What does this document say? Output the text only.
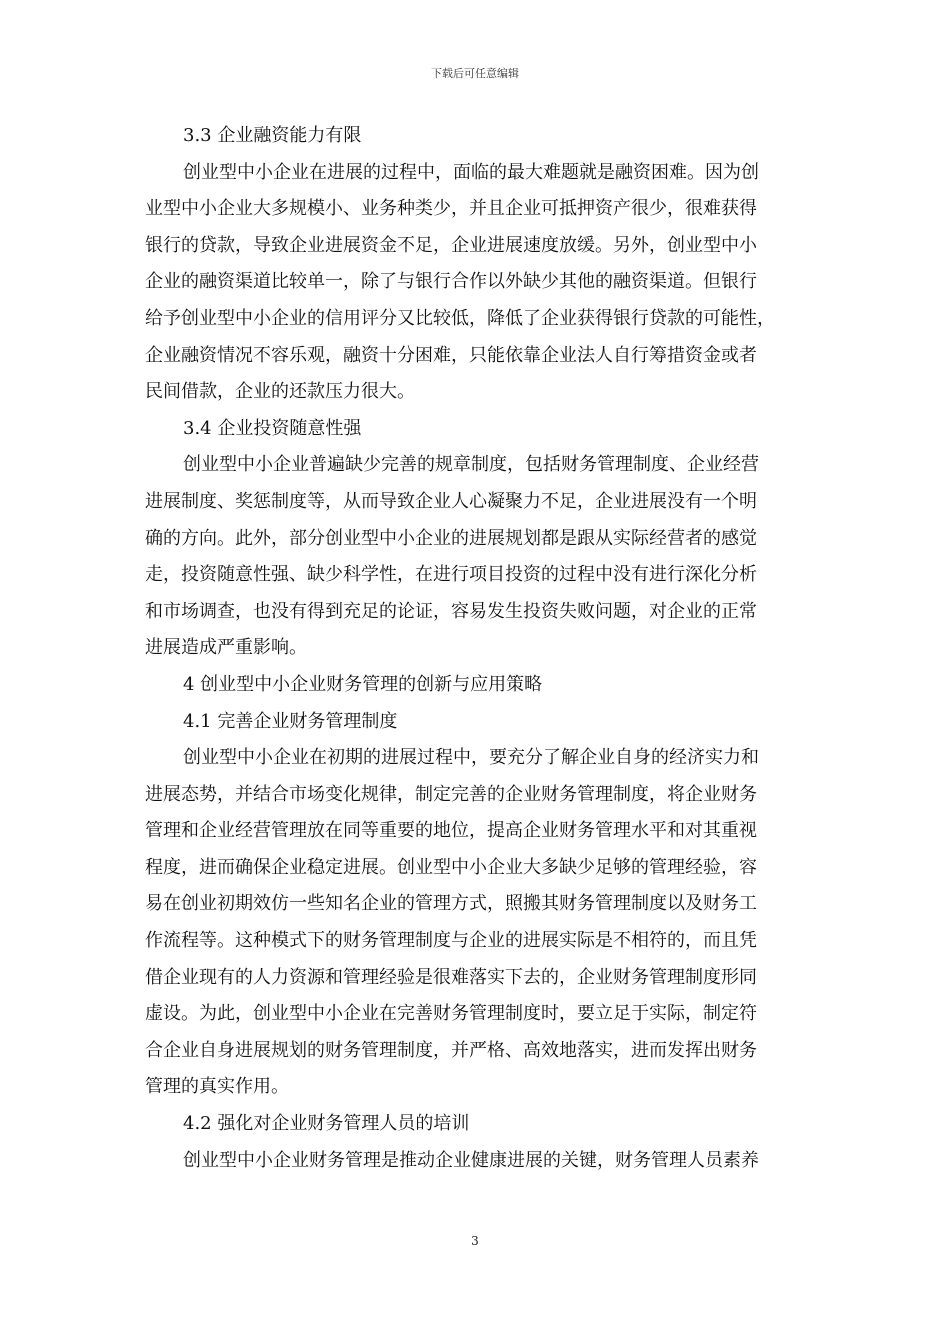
下载后可任意编辑
3.3 企业融资能力有限
创业型中小企业在进展的过程中，面临的最大难题就是融资困难。因为创
业型中小企业大多规模小、业务种类少，并且企业可抵押资产很少，很难获得
银行的贷款，导致企业进展资金不足，企业进展速度放缓。另外，创业型中小
企业的融资渠道比较单一，除了与银行合作以外缺少其他的融资渠道。但银行
给予创业型中小企业的信用评分又比较低，降低了企业获得银行贷款的可能性，
企业融资情况不容乐观，融资十分困难，只能依靠企业法人自行筹措资金或者
民间借款，企业的还款压力很大。
3.4 企业投资随意性强
创业型中小企业普遍缺少完善的规章制度，包括财务管理制度、企业经营
进展制度、奖惩制度等，从而导致企业人心凝聚力不足，企业进展没有一个明
确的方向。此外，部分创业型中小企业的进展规划都是跟从实际经营者的感觉
走，投资随意性强、缺少科学性，在进行项目投资的过程中没有进行深化分析
和市场调查，也没有得到充足的论证，容易发生投资失败问题，对企业的正常
进展造成严重影响。
4 创业型中小企业财务管理的创新与应用策略
4.1 完善企业财务管理制度
创业型中小企业在初期的进展过程中，要充分了解企业自身的经济实力和
进展态势，并结合市场变化规律，制定完善的企业财务管理制度，将企业财务
管理和企业经营管理放在同等重要的地位，提高企业财务管理水平和对其重视
程度，进而确保企业稳定进展。创业型中小企业大多缺少足够的管理经验，容
易在创业初期效仿一些知名企业的管理方式，照搬其财务管理制度以及财务工
作流程等。这种模式下的财务管理制度与企业的进展实际是不相符的，而且凭
借企业现有的人力资源和管理经验是很难落实下去的，企业财务管理制度形同
虚设。为此，创业型中小企业在完善财务管理制度时，要立足于实际，制定符
合企业自身进展规划的财务管理制度，并严格、高效地落实，进而发挥出财务
管理的真实作用。
4.2 强化对企业财务管理人员的培训
创业型中小企业财务管理是推动企业健康进展的关键，财务管理人员素养
3
